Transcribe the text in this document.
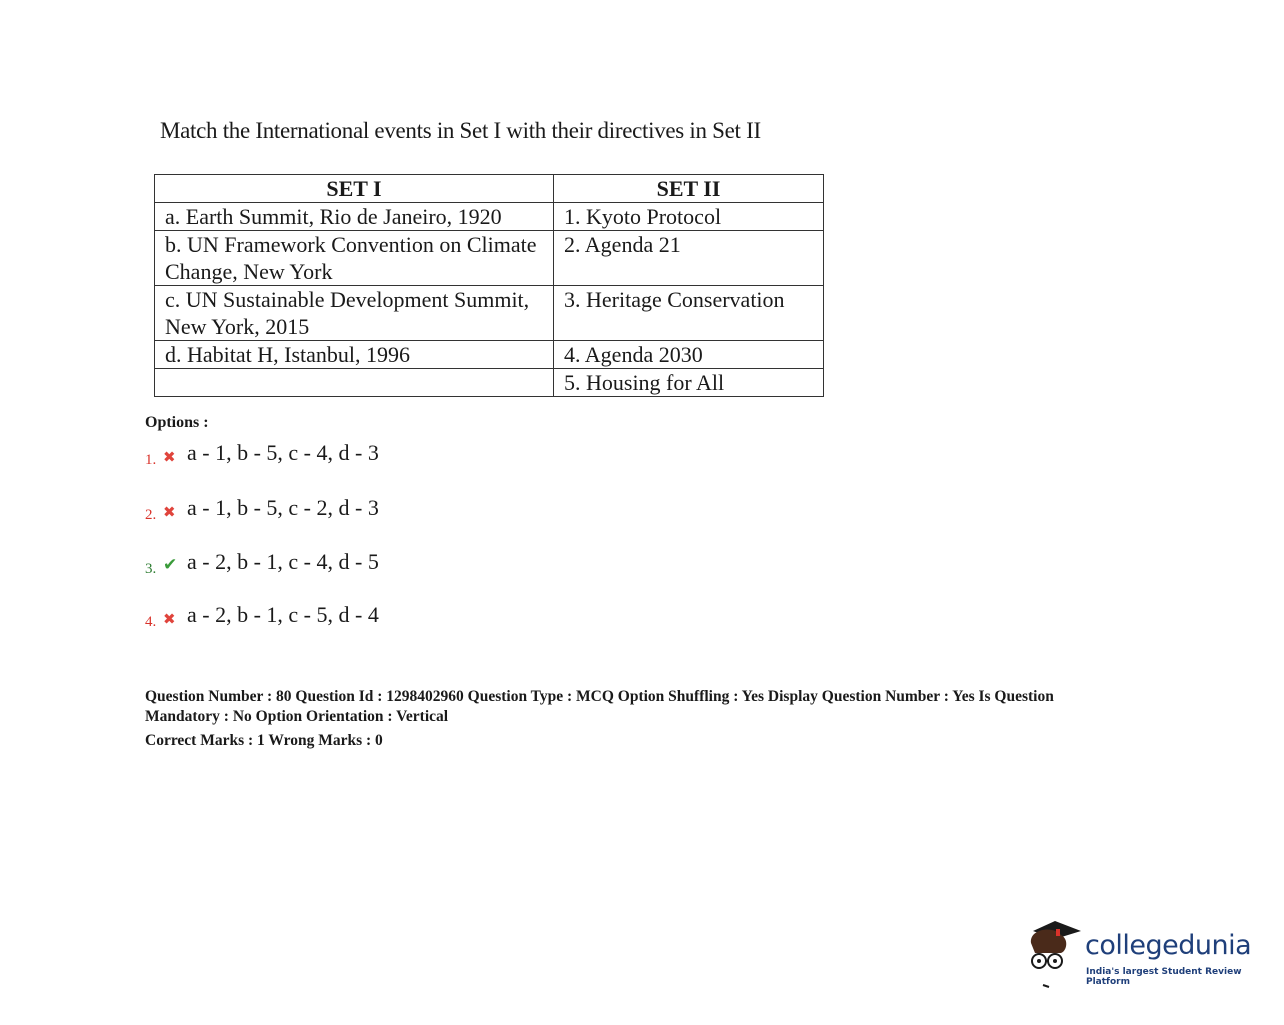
Match the International events in Set I with their directives in Set II
SET I	SET II
a. Earth Summit, Rio de Janeiro, 1920	1. Kyoto Protocol
b. UN Framework Convention on Climate Change, New York	2. Agenda 21
c. UN Sustainable Development Summit, New York, 2015	3. Heritage Conservation
d. Habitat H, Istanbul, 1996	4. Agenda 2030
	5. Housing for All
Options :
1. ✖ a - 1, b - 5, c - 4, d - 3
2. ✖ a - 1, b - 5, c - 2, d - 3
3. ✔ a - 2, b - 1, c - 4, d - 5
4. ✖ a - 2, b - 1, c - 5, d - 4
Question Number : 80 Question Id : 1298402960 Question Type : MCQ Option Shuffling : Yes Display Question Number : Yes Is Question Mandatory : No Option Orientation : Vertical
Correct Marks : 1 Wrong Marks : 0
collegedunia
India's largest Student Review Platform
